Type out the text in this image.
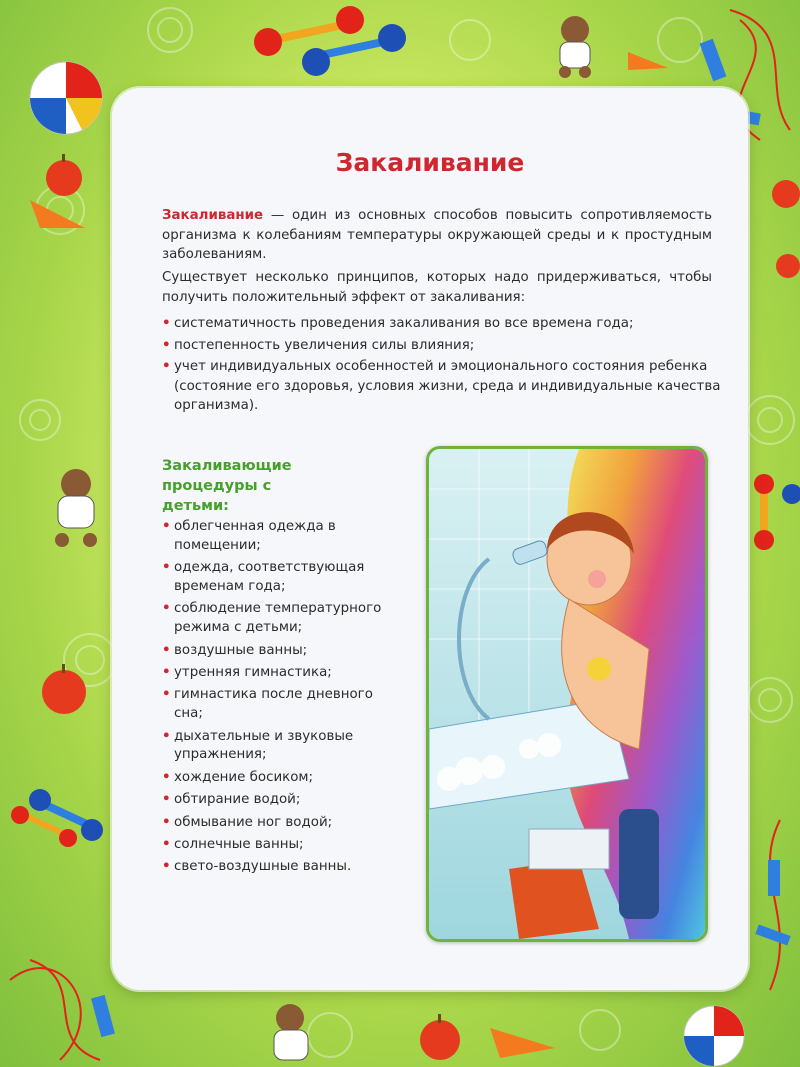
Закаливание

Закаливание — один из основных способов повысить сопротивляемость организма к колебаниям температуры окружающей среды и к простудным заболеваниям.

Существует несколько принципов, которых надо придерживаться, чтобы получить положительный эффект от закаливания:

• систематичность проведения закаливания во все времена года;
• постепенность увеличения силы влияния;
• учет индивидуальных особенностей и эмоционального состояния ребенка (состояние его здоровья, условия жизни, среда и индивидуальные качества организма).
Закаливающие процедуры с детьми:
• облегченная одежда в помещении;
• одежда, соответствующая временам года;
• соблюдение температурного режима с детьми;
• воздушные ванны;
• утренняя гимнастика;
• гимнастика после дневного сна;
• дыхательные и звуковые упражнения;
• хождение босиком;
• обтирание водой;
• обмывание ног водой;
• солнечные ванны;
• свето-воздушные ванны.
